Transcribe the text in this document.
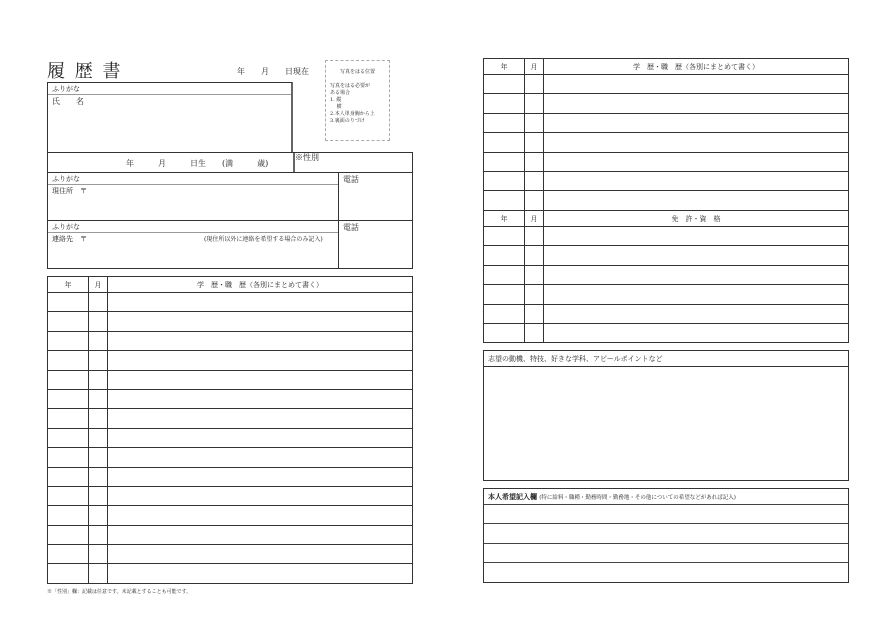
履 歴 書	年　　月　　日現在	写真をはる位置
写真をはる必要が
ある場合
1. 縦
　 横
2.本人単身胸から上
3.裏面のりづけ
ふりがな
氏　　名
年　　　月　　　日生　　(満　　　歳)
※性別
ふりがな
現住所　〒
電話
ふりがな
連絡先　〒	(現住所以外に連絡を希望する場合のみ記入)
電話
年	月	学　歴・職　歴（各別にまとめて書く）

※「性別」欄：記載は任意です。未記載とすることも可能です。
年	月	学　歴・職　歴（各別にまとめて書く）

年	月	免　許・資　格

志望の動機、特技、好きな学科、アピールポイントなど
本人希望記入欄 (特に給料・職種・勤務時間・勤務地・その他についての希望などがあれば記入)
